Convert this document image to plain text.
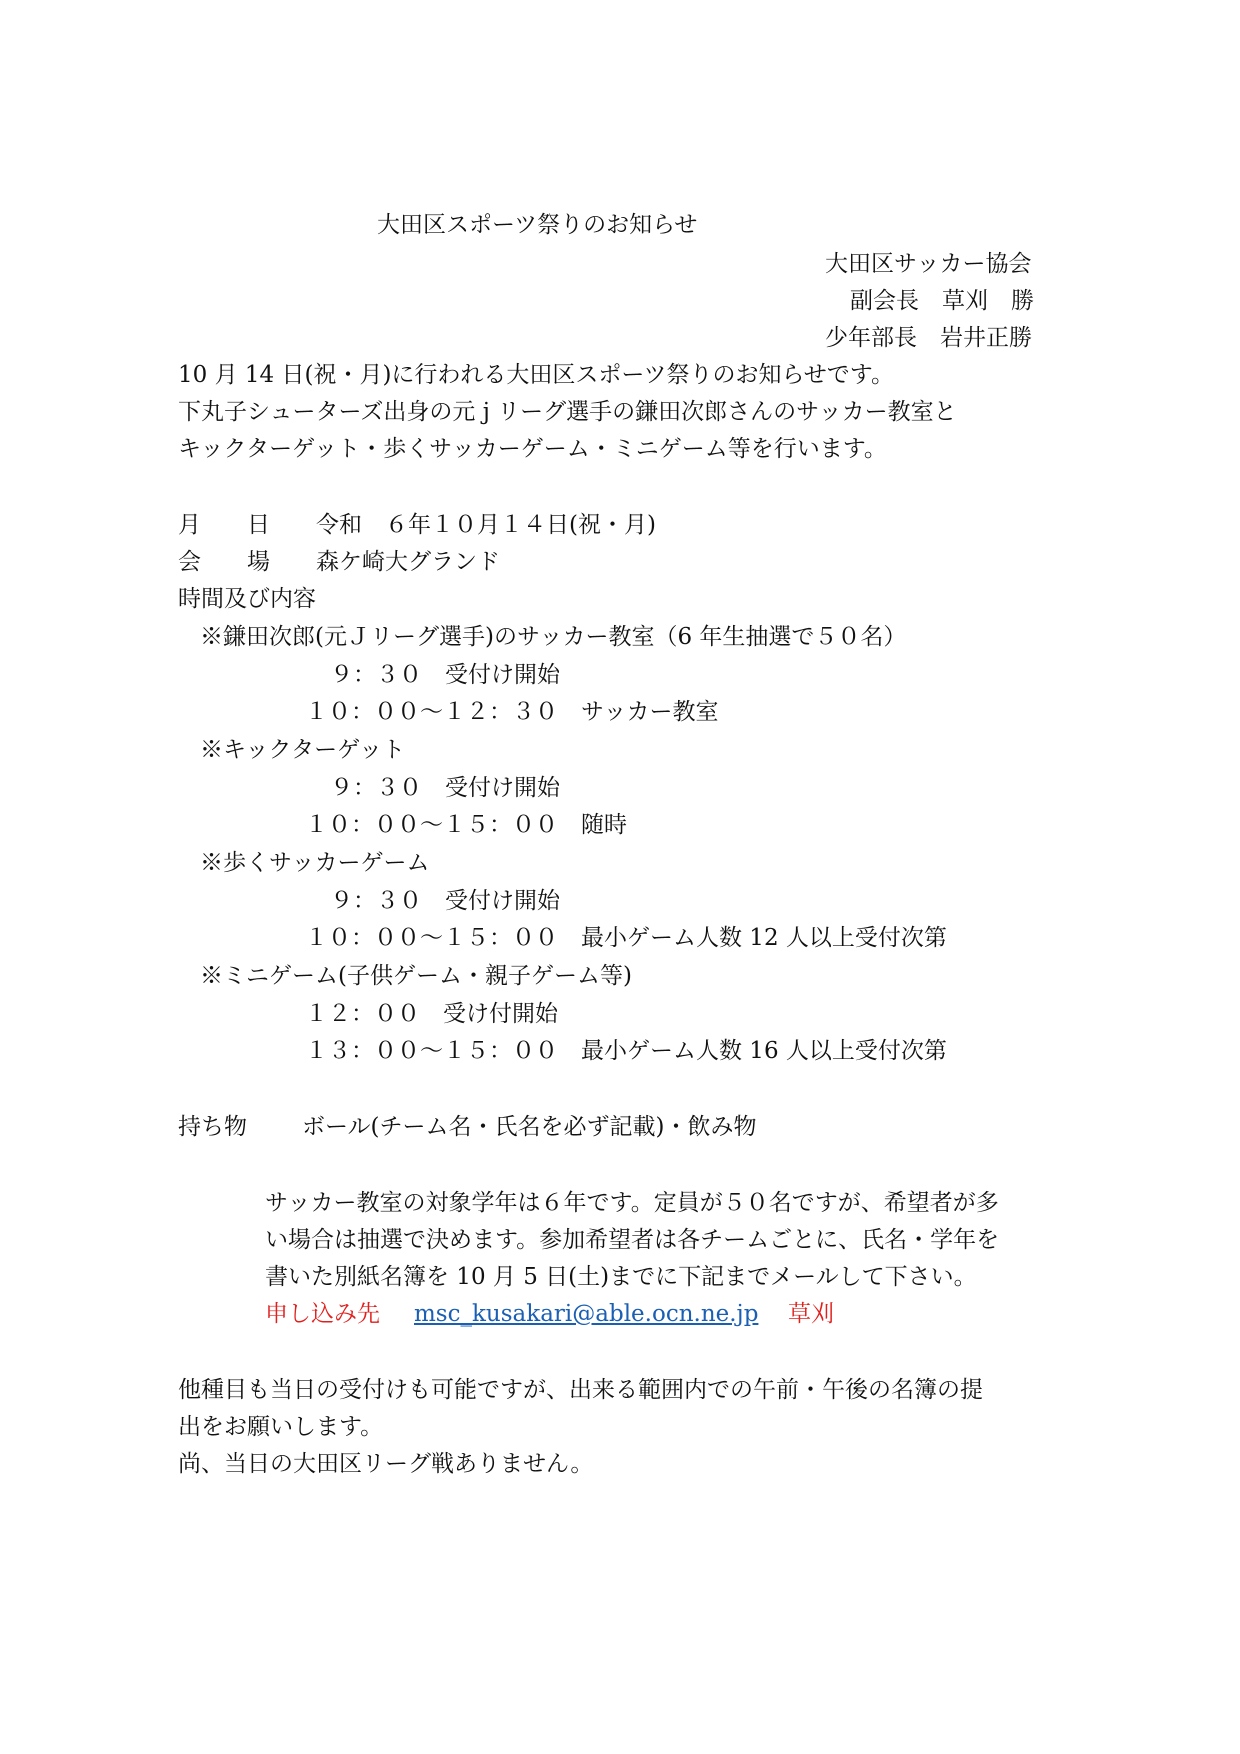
大田区スポーツ祭りのお知らせ

大田区サッカー協会

副会長　草刈　勝

少年部長　岩井正勝

10 月 14 日(祝・月)に行われる大田区スポーツ祭りのお知らせです。

下丸子シューターズ出身の元 j リーグ選手の鎌田次郎さんのサッカー教室と

キックターゲット・歩くサッカーゲーム・ミニゲーム等を行います。

月　　日　　令和　６年１０月１４日(祝・月)

会　　場　　森ケ崎大グランド

時間及び内容

※鎌田次郎(元Ｊリーグ選手)のサッカー教室（6 年生抽選で５０名）

９：３０　受付け開始

１０：００～１２：３０　サッカー教室

※キックターゲット

９：３０　受付け開始

１０：００～１５：００　随時

※歩くサッカーゲーム

９：３０　受付け開始

１０：００～１５：００　最小ゲーム人数 12 人以上受付次第

※ミニゲーム(子供ゲーム・親子ゲーム等)

１２：００　受け付開始

１３：００～１５：００　最小ゲーム人数 16 人以上受付次第

持ち物 ボール(チーム名・氏名を必ず記載)・飲み物

サッカー教室の対象学年は６年です。定員が５０名ですが、希望者が多

い場合は抽選で決めます。参加希望者は各チームごとに、氏名・学年を

書いた別紙名簿を 10 月 5 日(土)までに下記までメールして下さい。

申し込み先 msc_kusakari@able.ocn.ne.jp 草刈

他種目も当日の受付けも可能ですが、出来る範囲内での午前・午後の名簿の提

出をお願いします。

尚、当日の大田区リーグ戦ありません。
